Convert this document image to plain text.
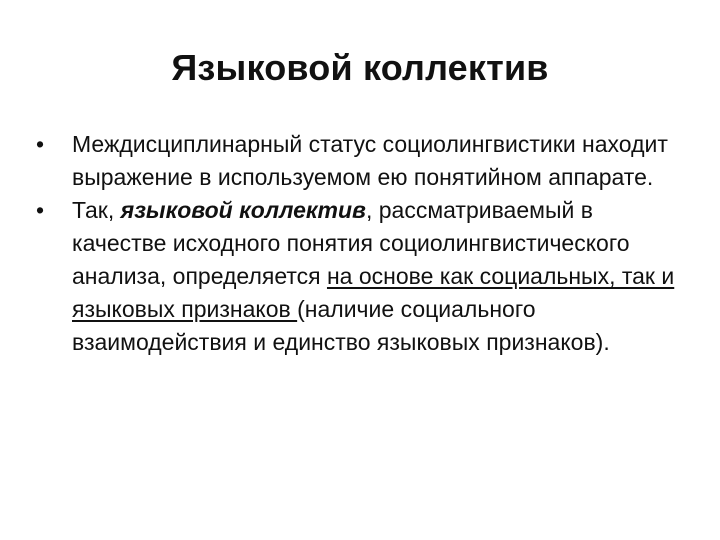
Языковой коллектив
• Междисциплинарный статус социолингвистики находит выражение в используемом ею понятийном аппарате.
• Так, языковой коллектив, рассматриваемый в качестве исходного понятия социолингвистического анализа, определяется на основе как социальных, так и языковых признаков (наличие социального взаимодействия и единство языковых признаков).
